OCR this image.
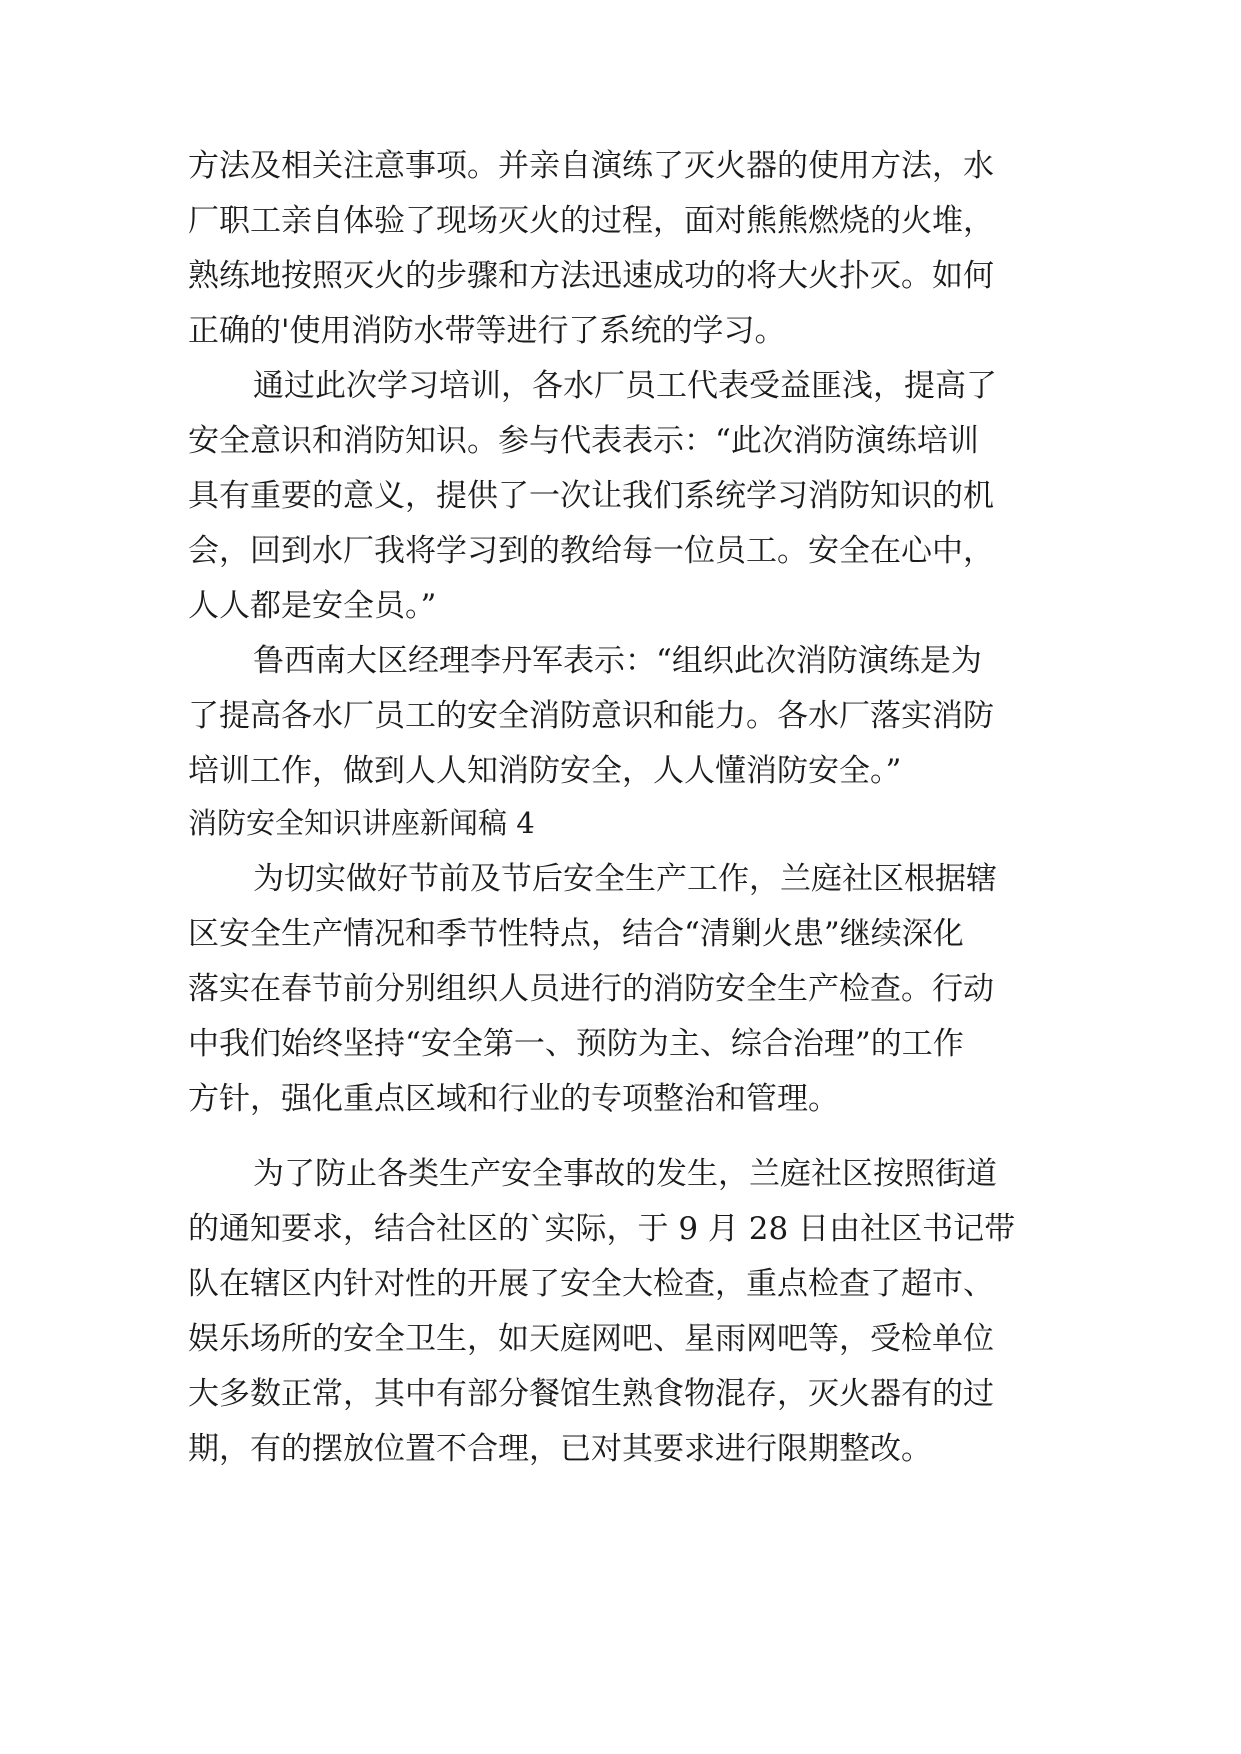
方法及相关注意事项。并亲自演练了灭火器的使用方法，水
厂职工亲自体验了现场灭火的过程，面对熊熊燃烧的火堆，
熟练地按照灭火的步骤和方法迅速成功的将大火扑灭。如何
正确的'使用消防水带等进行了系统的学习。
通过此次学习培训，各水厂员工代表受益匪浅，提高了
安全意识和消防知识。参与代表表示：“此次消防演练培训
具有重要的意义，提供了一次让我们系统学习消防知识的机
会，回到水厂我将学习到的教给每一位员工。安全在心中，
人人都是安全员。”
鲁西南大区经理李丹军表示：“组织此次消防演练是为
了提高各水厂员工的安全消防意识和能力。各水厂落实消防
培训工作，做到人人知消防安全，人人懂消防安全。”
消防安全知识讲座新闻稿 4
为切实做好节前及节后安全生产工作，兰庭社区根据辖
区安全生产情况和季节性特点，结合“清剿火患”继续深化
落实在春节前分别组织人员进行的消防安全生产检查。行动
中我们始终坚持“安全第一、预防为主、综合治理”的工作
方针，强化重点区域和行业的专项整治和管理。
为了防止各类生产安全事故的发生，兰庭社区按照街道
的通知要求，结合社区的`实际，于 9 月 28 日由社区书记带
队在辖区内针对性的开展了安全大检查，重点检查了超市、
娱乐场所的安全卫生，如天庭网吧、星雨网吧等，受检单位
大多数正常，其中有部分餐馆生熟食物混存，灭火器有的过
期，有的摆放位置不合理，已对其要求进行限期整改。
